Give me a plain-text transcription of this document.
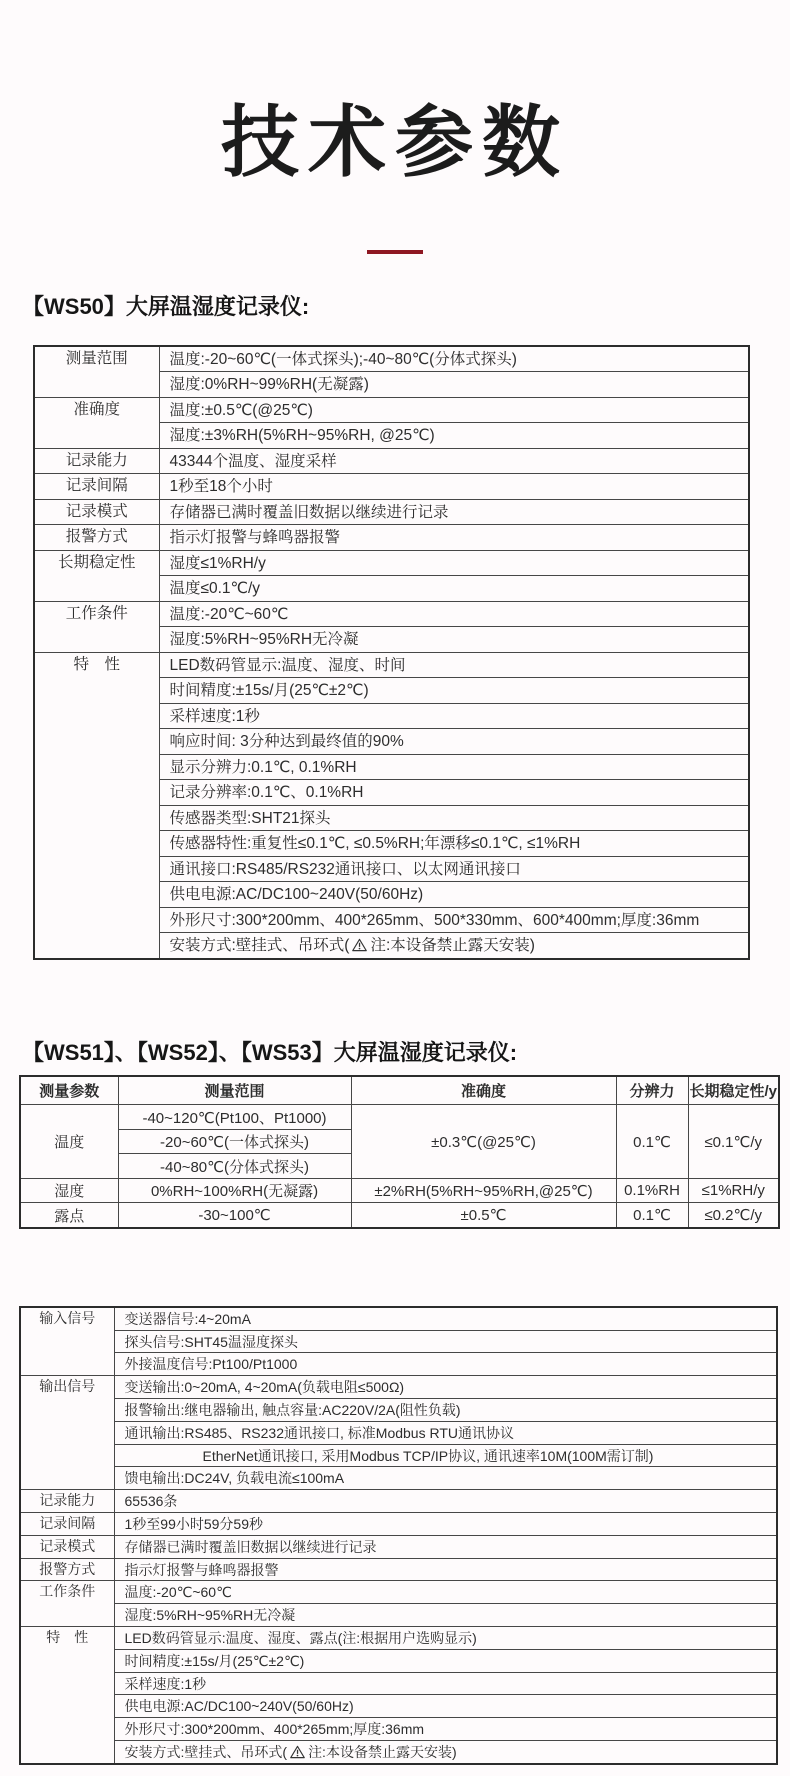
技术参数
【WS50】大屏温湿度记录仪:
测量范围	温度:-20~60℃(一体式探头);-40~80℃(分体式探头)
	湿度:0%RH~99%RH(无凝露)
准确度	温度:±0.5℃(@25℃)
	湿度:±3%RH(5%RH~95%RH, @25℃)
记录能力	43344个温度、湿度采样
记录间隔	1秒至18个小时
记录模式	存储器已满时覆盖旧数据以继续进行记录
报警方式	指示灯报警与蜂鸣器报警
长期稳定性	湿度≤1%RH/y
	温度≤0.1℃/y
工作条件	温度:-20℃~60℃
	湿度:5%RH~95%RH无冷凝
特　性	LED数码管显示:温度、湿度、时间
	时间精度:±15s/月(25℃±2℃)
	采样速度:1秒
	响应时间: 3分种达到最终值的90%
	显示分辨力:0.1℃, 0.1%RH
	记录分辨率:0.1℃、0.1%RH
	传感器类型:SHT21探头
	传感器特性:重复性≤0.1℃, ≤0.5%RH;年漂移≤0.1℃, ≤1%RH
	通讯接口:RS485/RS232通讯接口、以太网通讯接口
	供电电源:AC/DC100~240V(50/60Hz)
	外形尺寸:300*200mm、400*265mm、500*330mm、600*400mm;厚度:36mm
	安装方式:壁挂式、吊环式( 注:本设备禁止露天安装)
【WS51】、【WS52】、【WS53】大屏温湿度记录仪:
测量参数	测量范围	准确度	分辨力	长期稳定性/y
温度	-40~120℃(Pt100、Pt1000)	±0.3℃(@25℃)	0.1℃	≤0.1℃/y
	-20~60℃(一体式探头)			
	-40~80℃(分体式探头)			
湿度	0%RH~100%RH(无凝露)	±2%RH(5%RH~95%RH,@25℃)	0.1%RH	≤1%RH/y
露点	-30~100℃	±0.5℃	0.1℃	≤0.2℃/y
输入信号	变送器信号:4~20mA
	探头信号:SHT45温湿度探头
	外接温度信号:Pt100/Pt1000
输出信号	变送输出:0~20mA, 4~20mA(负载电阻≤500Ω)
	报警输出:继电器输出, 触点容量:AC220V/2A(阻性负载)
	通讯输出:RS485、RS232通讯接口, 标准Modbus RTU通讯协议
	EtherNet通讯接口, 采用Modbus TCP/IP协议, 通讯速率10M(100M需订制)
	馈电输出:DC24V, 负载电流≤100mA
记录能力	65536条
记录间隔	1秒至99小时59分59秒
记录模式	存储器已满时覆盖旧数据以继续进行记录
报警方式	指示灯报警与蜂鸣器报警
工作条件	温度:-20℃~60℃
	湿度:5%RH~95%RH无冷凝
特　性	LED数码管显示:温度、湿度、露点(注:根据用户选购显示)
	时间精度:±15s/月(25℃±2℃)
	采样速度:1秒
	供电电源:AC/DC100~240V(50/60Hz)
	外形尺寸:300*200mm、400*265mm;厚度:36mm
	安装方式:壁挂式、吊环式( 注:本设备禁止露天安装)
